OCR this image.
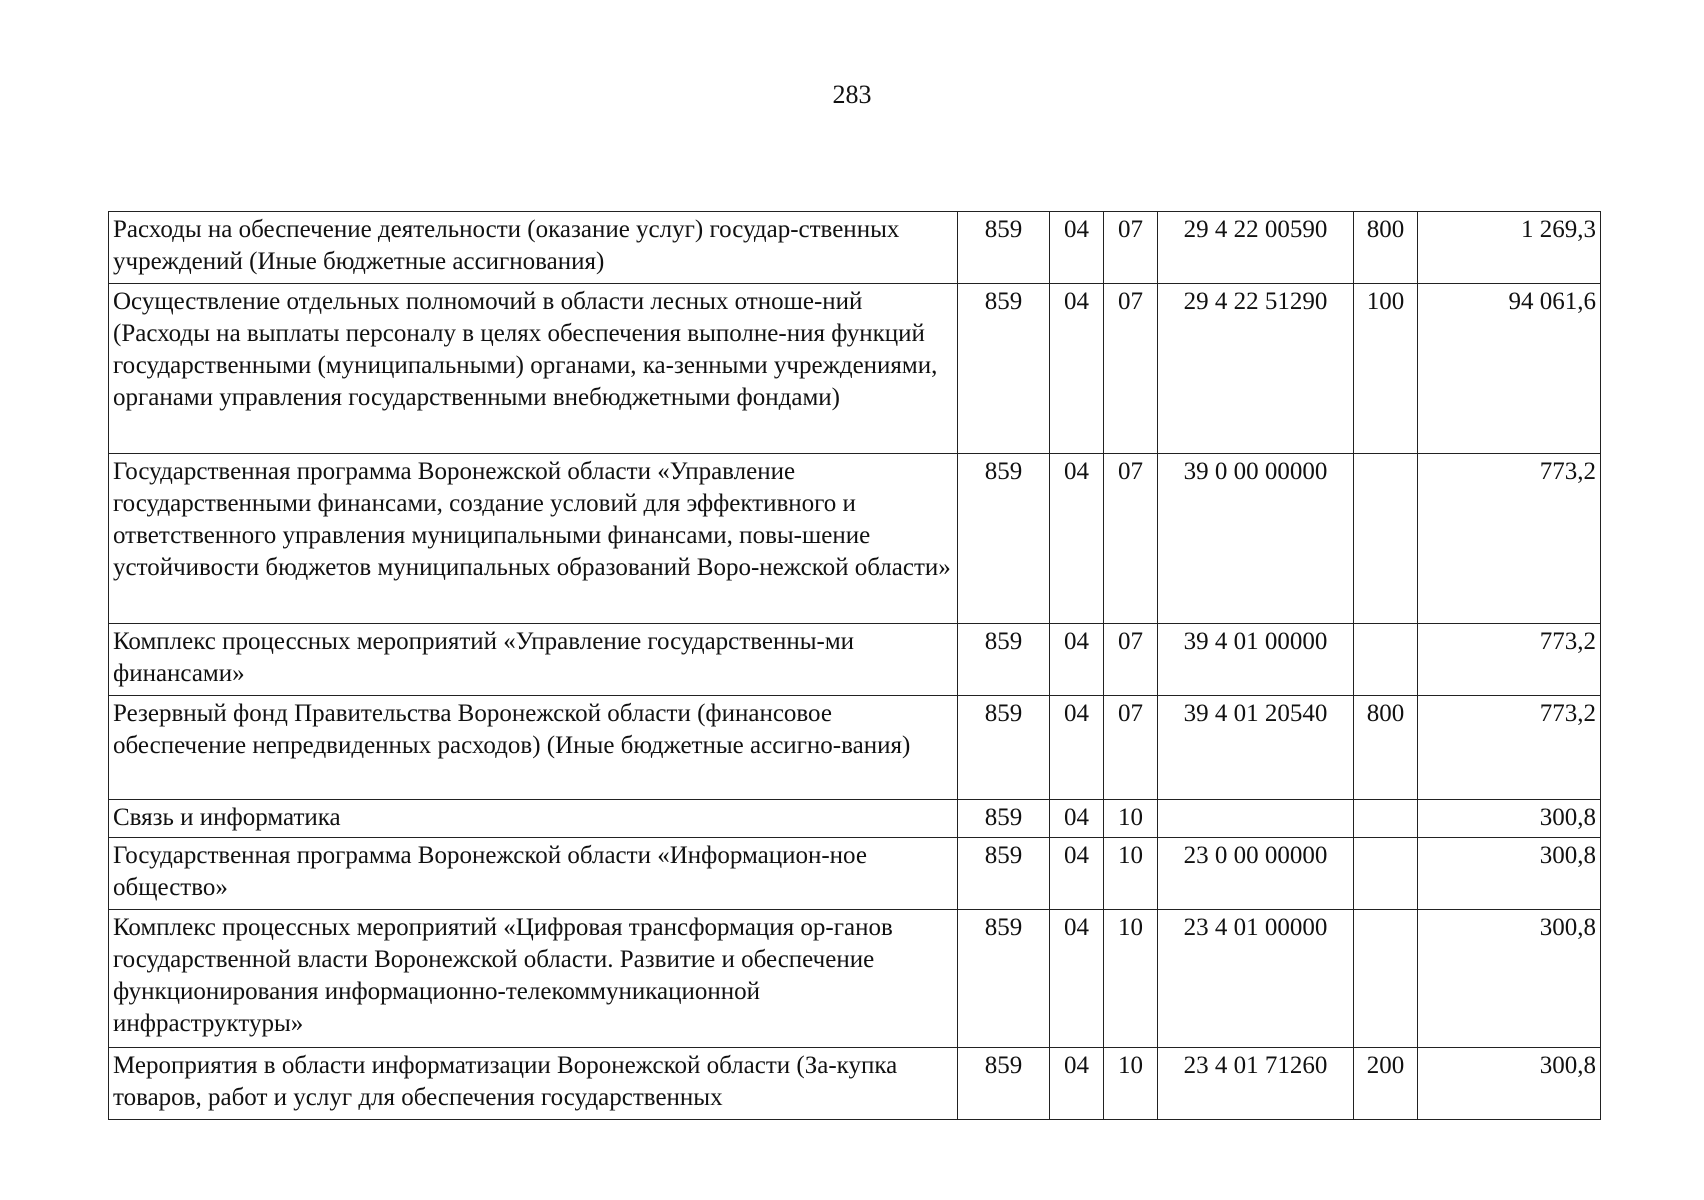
283
Расходы на обеспечение деятельности (оказание услуг) государ-ственных учреждений (Иные бюджетные ассигнования)	859	04	07	29 4 22 00590	800	1 269,3
Осуществление отдельных полномочий в области лесных отноше-ний (Расходы на выплаты персоналу в целях обеспечения выполне-ния функций государственными (муниципальными) органами, ка-зенными учреждениями, органами управления государственными внебюджетными фондами)	859	04	07	29 4 22 51290	100	94 061,6
Государственная программа Воронежской области «Управление государственными финансами, создание условий для эффективного и ответственного управления муниципальными финансами, повы-шение устойчивости бюджетов муниципальных образований Воро-нежской области»	859	04	07	39 0 00 00000		773,2
Комплекс процессных мероприятий «Управление государственны-ми финансами»	859	04	07	39 4 01 00000		773,2
Резервный фонд Правительства Воронежской области (финансовое обеспечение непредвиденных расходов) (Иные бюджетные ассигно-вания)	859	04	07	39 4 01 20540	800	773,2
Связь и информатика	859	04	10			300,8
Государственная программа Воронежской области «Информацион-ное общество»	859	04	10	23 0 00 00000		300,8
Комплекс процессных мероприятий «Цифровая трансформация ор-ганов государственной власти Воронежской области. Развитие и обеспечение функционирования информационно-телекоммуникационной инфраструктуры»	859	04	10	23 4 01 00000		300,8
Мероприятия в области информатизации Воронежской области (За-купка товаров, работ и услуг для обеспечения государственных	859	04	10	23 4 01 71260	200	300,8
